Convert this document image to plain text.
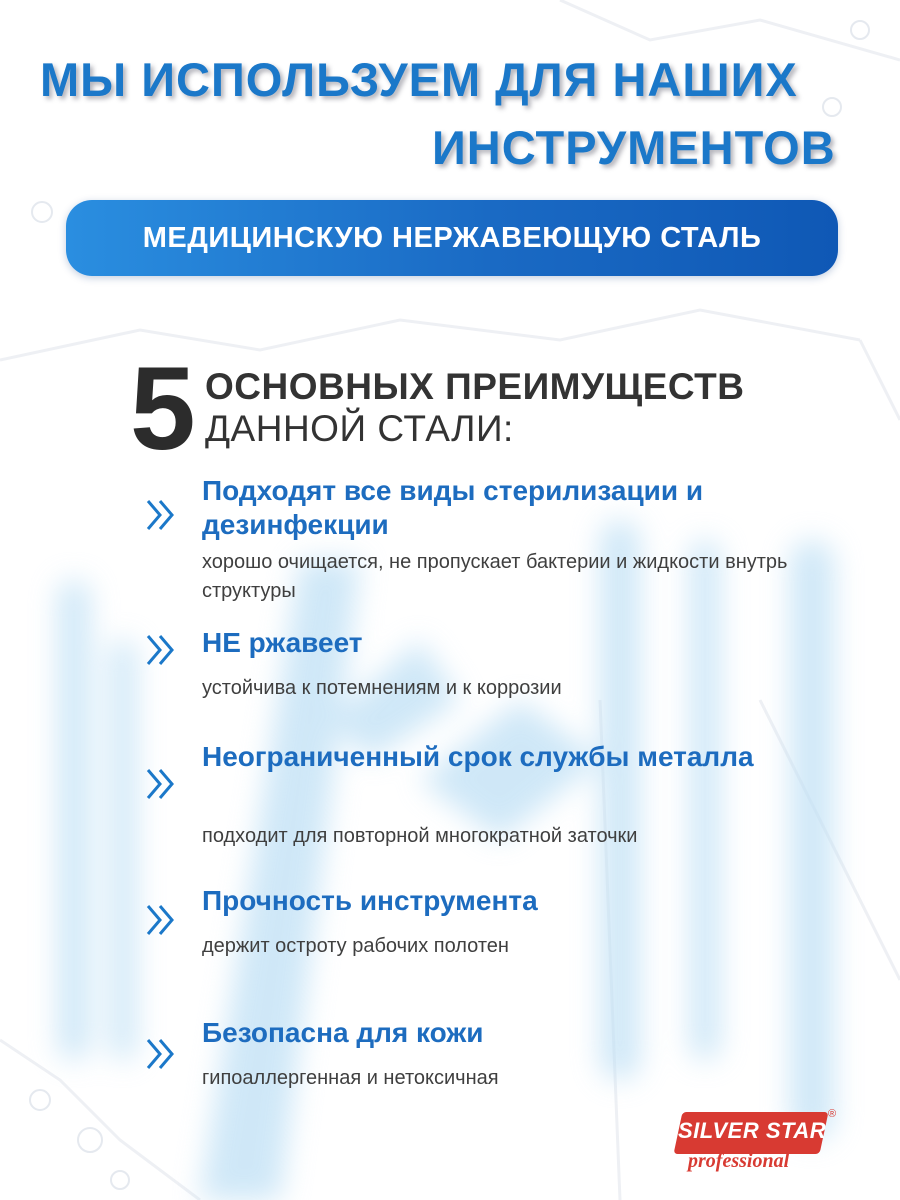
МЫ ИСПОЛЬЗУЕМ ДЛЯ НАШИХ
ИНСТРУМЕНТОВ
МЕДИЦИНСКУЮ НЕРЖАВЕЮЩУЮ СТАЛЬ
5 ОСНОВНЫХ ПРЕИМУЩЕСТВ
ДАННОЙ СТАЛИ:

Подходят все виды стерилизации и дезинфекции

хорошо очищается, не пропускает бактерии и жидкости внутрь структуры

НЕ ржавеет

устойчива к потемнениям и к коррозии

Неограниченный срок службы металла

подходит для повторной многократной заточки

Прочность инструмента

держит остроту рабочих полотен

Безопасна для кожи

гипоаллергенная и нетоксичная

SILVER STAR
®
professional
